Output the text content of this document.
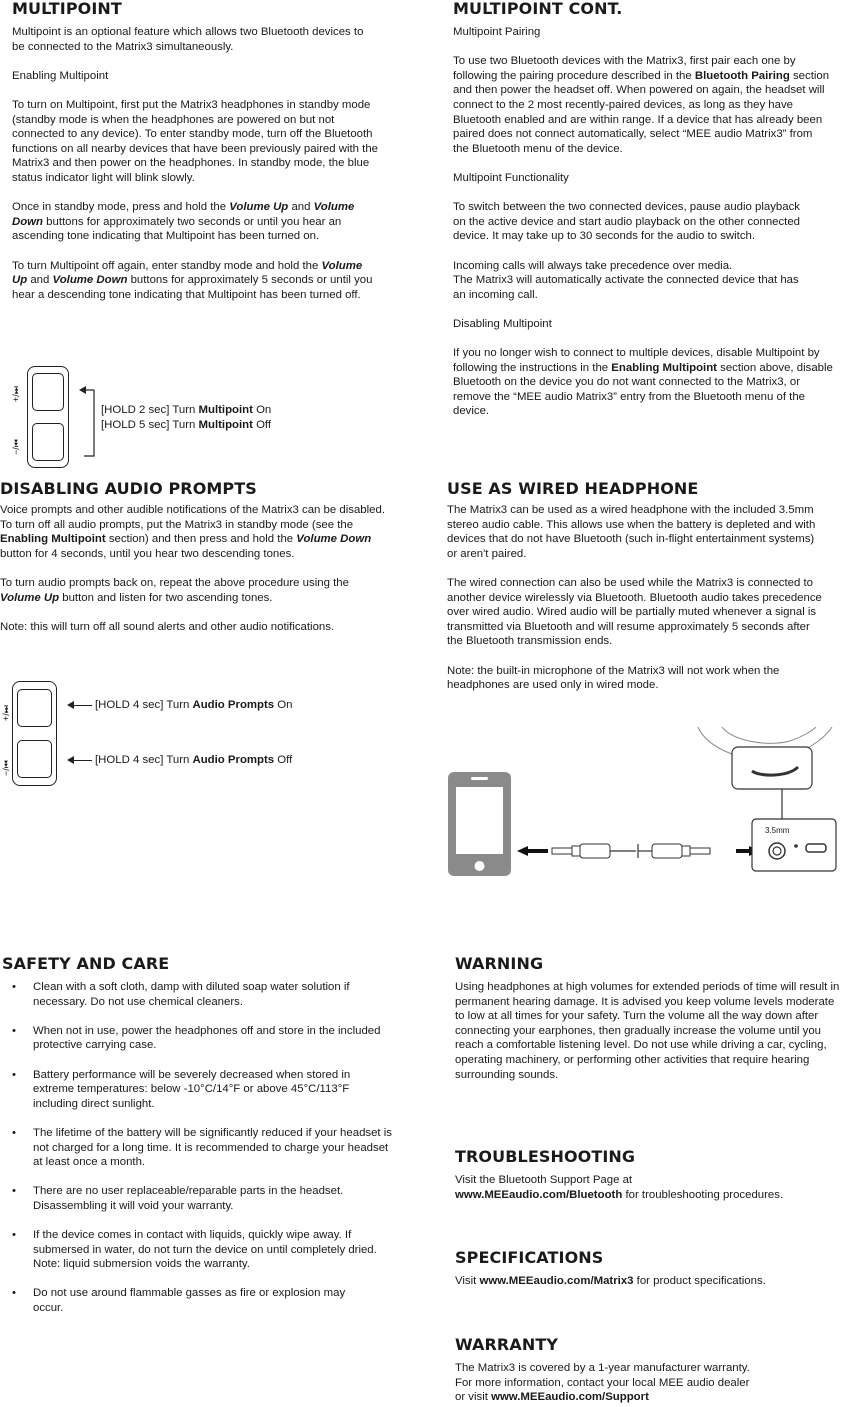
MULTIPOINT

Multipoint is an optional feature which allows two Bluetooth devices to be connected to the Matrix3 simultaneously.

Enabling Multipoint

To turn on Multipoint, first put the Matrix3 headphones in standby mode (standby mode is when the headphones are powered on but not connected to any device). To enter standby mode, turn off the Bluetooth functions on all nearby devices that have been previously paired with the Matrix3 and then power on the headphones. In standby mode, the blue status indicator light will blink slowly.

Once in standby mode, press and hold the Volume Up and Volume Down buttons for approximately two seconds or until you hear an ascending tone indicating that Multipoint has been turned on.

To turn Multipoint off again, enter standby mode and hold the Volume Up and Volume Down buttons for approximately 5 seconds or until you hear a descending tone indicating that Multipoint has been turned off.

+/⏭
−/⏮
[HOLD 2 sec] Turn Multipoint On
[HOLD 5 sec] Turn Multipoint Off
MULTIPOINT CONT.

Multipoint Pairing

To use two Bluetooth devices with the Matrix3, first pair each one by following the pairing procedure described in the Bluetooth Pairing section and then power the headset off. When powered on again, the headset will connect to the 2 most recently-paired devices, as long as they have Bluetooth enabled and are within range. If a device that has already been paired does not connect automatically, select “MEE audio Matrix3” from the Bluetooth menu of the device.

Multipoint Functionality

To switch between the two connected devices, pause audio playback on the active device and start audio playback on the other connected device. It may take up to 30 seconds for the audio to switch.

Incoming calls will always take precedence over media.

The Matrix3 will automatically activate the connected device that has an incoming call.

Disabling Multipoint

If you no longer wish to connect to multiple devices, disable Multipoint by following the instructions in the Enabling Multipoint section above, disable Bluetooth on the device you do not want connected to the Matrix3, or remove the “MEE audio Matrix3” entry from the Bluetooth menu of the device.

DISABLING AUDIO PROMPTS

Voice prompts and other audible notifications of the Matrix3 can be disabled. To turn off all audio prompts, put the Matrix3 in standby mode (see the Enabling Multipoint section) and then press and hold the Volume Down button for 4 seconds, until you hear two descending tones.

To turn audio prompts back on, repeat the above procedure using the Volume Up button and listen for two ascending tones.

Note: this will turn off all sound alerts and other audio notifications.

+/⏭
−/⏮
[HOLD 4 sec] Turn Audio Prompts On
[HOLD 4 sec] Turn Audio Prompts Off
USE AS WIRED HEADPHONE

The Matrix3 can be used as a wired headphone with the included 3.5mm stereo audio cable. This allows use when the battery is depleted and with devices that do not have Bluetooth (such in-flight entertainment systems) or aren't paired.

The wired connection can also be used while the Matrix3 is connected to another device wirelessly via Bluetooth. Bluetooth audio takes precedence over wired audio. Wired audio will be partially muted whenever a signal is transmitted via Bluetooth and will resume approximately 5 seconds after the Bluetooth transmission ends.

Note: the built-in microphone of the Matrix3 will not work when the headphones are used only in wired mode.

3.5mm
SAFETY AND CARE
• Clean with a soft cloth, damp with diluted soap water solution if necessary. Do not use chemical cleaners.
• When not in use, power the headphones off and store in the included protective carrying case.
• Battery performance will be severely decreased when stored in extreme temperatures: below -10°C/14°F or above 45°C/113°F including direct sunlight.
• The lifetime of the battery will be significantly reduced if your headset is not charged for a long time. It is recommended to charge your headset at least once a month.
• There are no user replaceable/reparable parts in the headset. Disassembling it will void your warranty.
• If the device comes in contact with liquids, quickly wipe away. If submersed in water, do not turn the device on until completely dried. Note: liquid submersion voids the warranty.
• Do not use around flammable gasses as fire or explosion may occur.
WARNING

Using headphones at high volumes for extended periods of time will result in permanent hearing damage. It is advised you keep volume levels moderate to low at all times for your safety. Turn the volume all the way down after connecting your earphones, then gradually increase the volume until you reach a comfortable listening level. Do not use while driving a car, cycling, operating machinery, or performing other activities that require hearing surrounding sounds.

TROUBLESHOOTING

Visit the Bluetooth Support Page at

www.MEEaudio.com/Bluetooth for troubleshooting procedures.

SPECIFICATIONS

Visit www.MEEaudio.com/Matrix3 for product specifications.

WARRANTY

The Matrix3 is covered by a 1-year manufacturer warranty.

For more information, contact your local MEE audio dealer

or visit www.MEEaudio.com/Support
